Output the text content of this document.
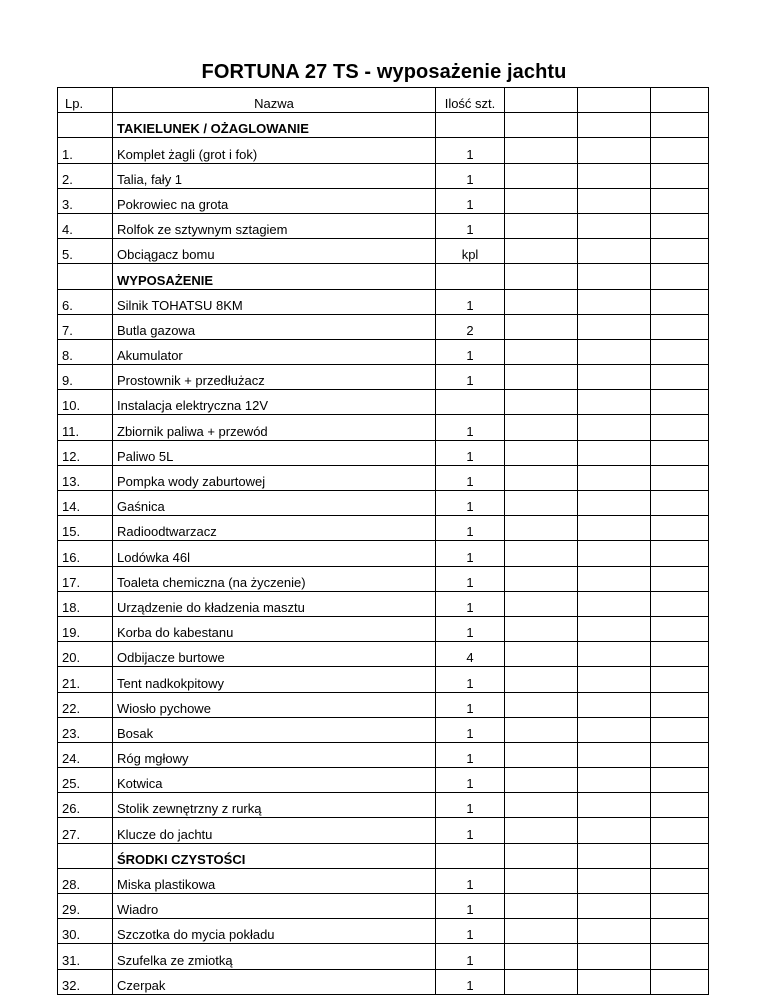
FORTUNA 27 TS - wyposażenie jachtu
Lp.	Nazwa	Ilość szt.			
	TAKIELUNEK / OŻAGLOWANIE				
1.	Komplet żagli (grot i fok)	1			
2.	Talia, fały 1	1			
3.	Pokrowiec na grota	1			
4.	Rolfok ze sztywnym sztagiem	1			
5.	Obciągacz bomu	kpl			
	WYPOSAŻENIE				
6.	Silnik TOHATSU 8KM	1			
7.	Butla gazowa	2			
8.	Akumulator	1			
9.	Prostownik + przedłużacz	1			
10.	Instalacja elektryczna 12V				
11.	Zbiornik paliwa + przewód	1			
12.	Paliwo 5L	1			
13.	Pompka wody zaburtowej	1			
14.	Gaśnica	1			
15.	Radioodtwarzacz	1			
16.	Lodówka 46l	1			
17.	Toaleta chemiczna (na życzenie)	1			
18.	Urządzenie do kładzenia masztu	1			
19.	Korba do kabestanu	1			
20.	Odbijacze burtowe	4			
21.	Tent nadkokpitowy	1			
22.	Wiosło pychowe	1			
23.	Bosak	1			
24.	Róg mgłowy	1			
25.	Kotwica	1			
26.	Stolik zewnętrzny z rurką	1			
27.	Klucze do jachtu	1			
	ŚRODKI CZYSTOŚCI				
28.	Miska plastikowa	1			
29.	Wiadro	1			
30.	Szczotka do mycia pokładu	1			
31.	Szufelka ze zmiotką	1			
32.	Czerpak	1			
